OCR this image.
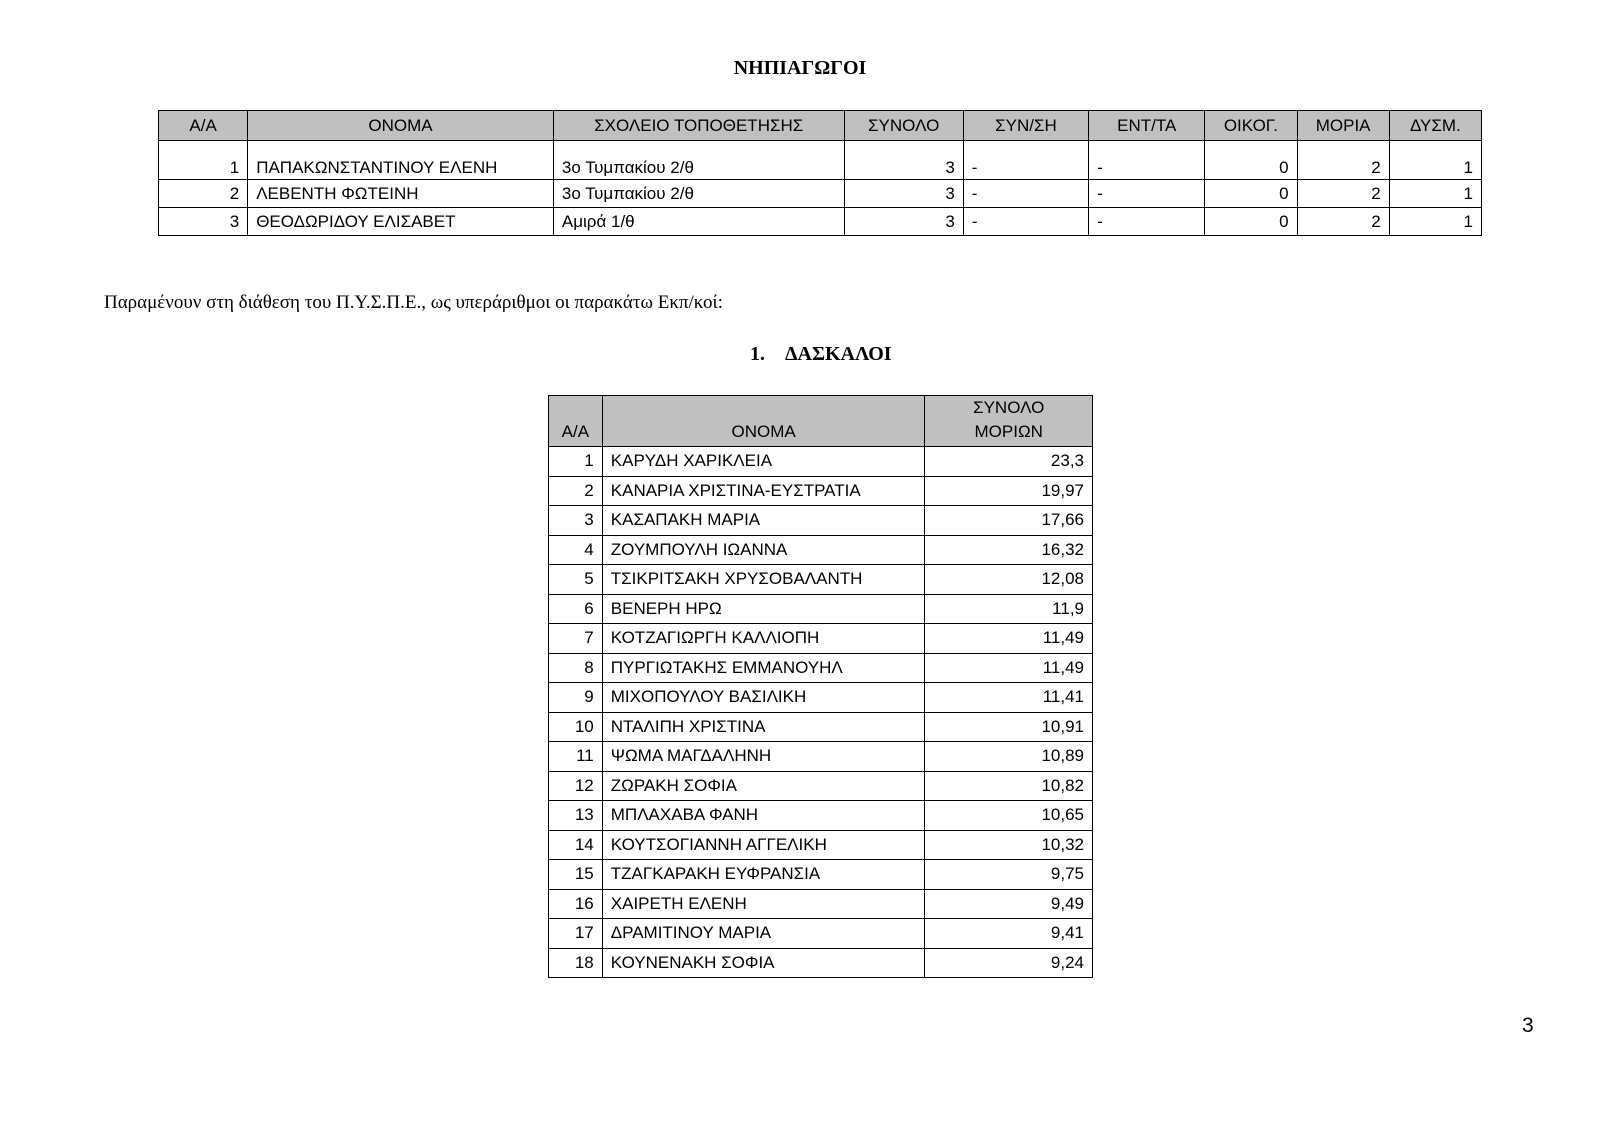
ΝΗΠΙΑΓΩΓΟΙ
Α/Α	ΟΝΟΜΑ	ΣΧΟΛΕΙΟ ΤΟΠΟΘΕΤΗΣΗΣ	ΣΥΝΟΛΟ	ΣΥΝ/ΣΗ	ΕΝΤ/ΤΑ	ΟΙΚΟΓ.	ΜΟΡΙΑ	ΔΥΣΜ.
1	ΠΑΠΑΚΩΝΣΤΑΝΤΙΝΟΥ ΕΛΕΝΗ	3ο Τυμπακίου 2/θ	3	-	-	0	2	1
2	ΛΕΒΕΝΤΗ ΦΩΤΕΙΝΗ	3ο Τυμπακίου 2/θ	3	-	-	0	2	1
3	ΘΕΟΔΩΡΙΔΟΥ ΕΛΙΣΑΒΕΤ	Αμιρά 1/θ	3	-	-	0	2	1
Παραμένουν στη διάθεση του Π.Υ.Σ.Π.Ε., ως υπεράριθμοι οι παρακάτω Εκπ/κοί:
1. ΔΑΣΚΑΛΟΙ
Α/Α	ΟΝΟΜΑ	ΣΥΝΟΛΟ
ΜΟΡΙΩΝ
1	ΚΑΡΥΔΗ ΧΑΡΙΚΛΕΙΑ	23,3
2	ΚΑΝΑΡΙΑ ΧΡΙΣΤΙΝΑ-ΕΥΣΤΡΑΤΙΑ	19,97
3	ΚΑΣΑΠΑΚΗ ΜΑΡΙΑ	17,66
4	ΖΟΥΜΠΟΥΛΗ ΙΩΑΝΝΑ	16,32
5	ΤΣΙΚΡΙΤΣΑΚΗ ΧΡΥΣΟΒΑΛΑΝΤΗ	12,08
6	ΒΕΝΕΡΗ ΗΡΩ	11,9
7	ΚΟΤΖΑΓΙΩΡΓΗ ΚΑΛΛΙΟΠΗ	11,49
8	ΠΥΡΓΙΩΤΑΚΗΣ ΕΜΜΑΝΟΥΗΛ	11,49
9	ΜΙΧΟΠΟΥΛΟΥ ΒΑΣΙΛΙΚΗ	11,41
10	ΝΤΑΛΙΠΗ ΧΡΙΣΤΙΝΑ	10,91
11	ΨΩΜΑ ΜΑΓΔΑΛΗΝΗ	10,89
12	ΖΩΡΑΚΗ ΣΟΦΙΑ	10,82
13	ΜΠΛΑΧΑΒΑ ΦΑΝΗ	10,65
14	ΚΟΥΤΣΟΓΙΑΝΝΗ ΑΓΓΕΛΙΚΗ	10,32
15	ΤΖΑΓΚΑΡΑΚΗ ΕΥΦΡΑΝΣΙΑ	9,75
16	ΧΑΙΡΕΤΗ ΕΛΕΝΗ	9,49
17	ΔΡΑΜΙΤΙΝΟΥ ΜΑΡΙΑ	9,41
18	ΚΟΥΝΕΝΑΚΗ ΣΟΦΙΑ	9,24
3
